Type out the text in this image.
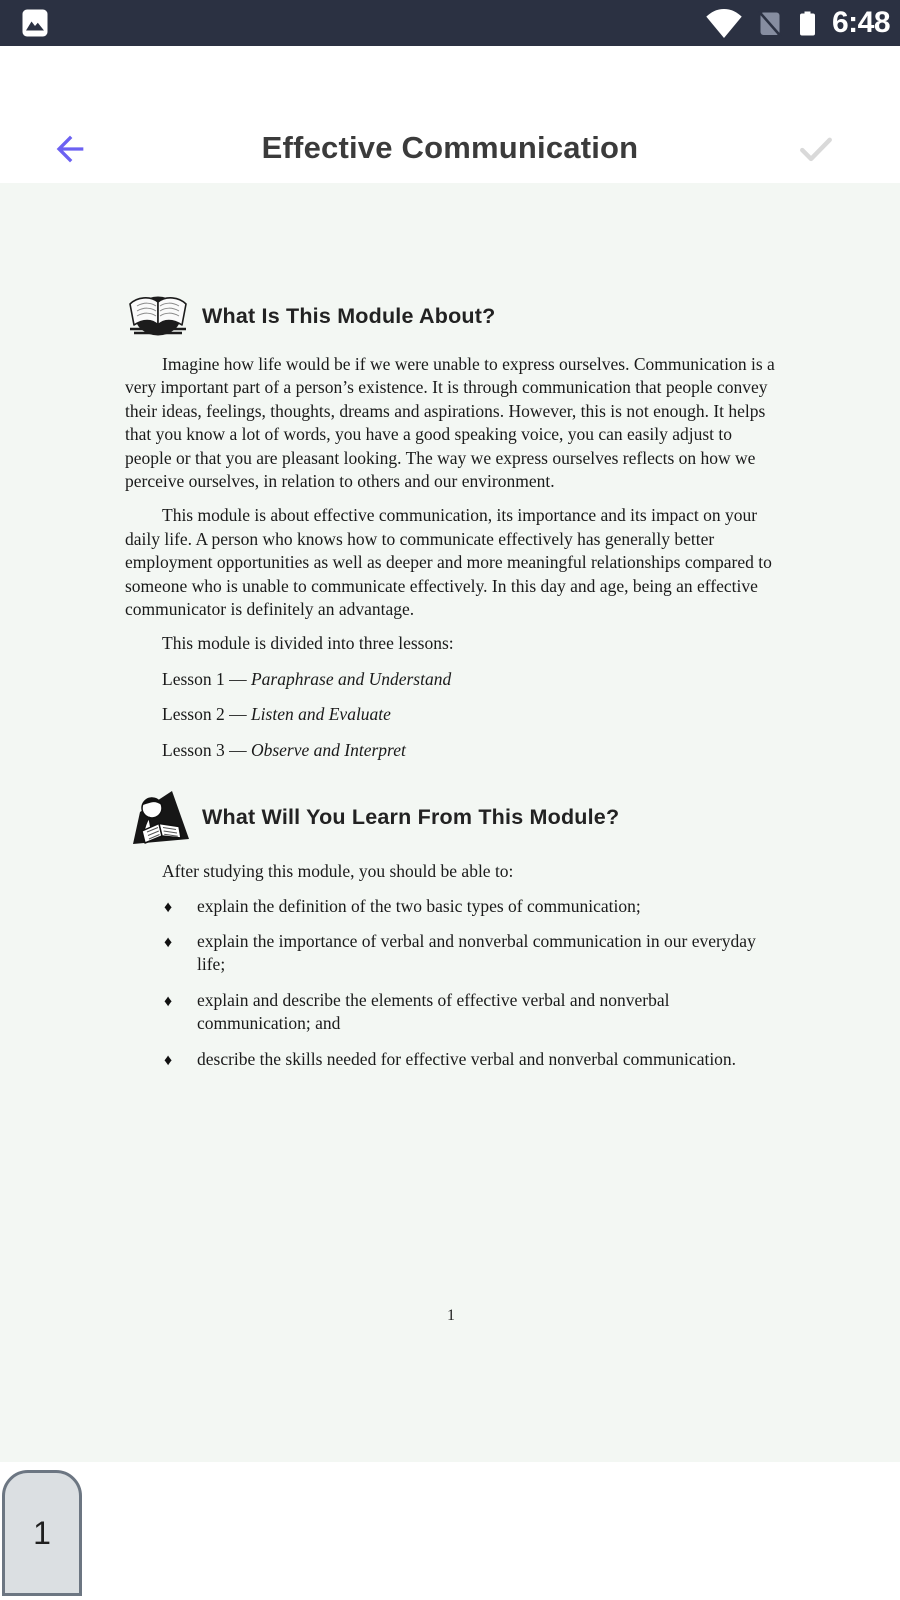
6:48
Effective Communication
What Is This Module About?

Imagine how life would be if we were unable to express ourselves. Communication is a very important part of a person’s existence. It is through communication that people convey their ideas, feelings, thoughts, dreams and aspirations. However, this is not enough. It helps that you know a lot of words, you have a good speaking voice, you can easily adjust to people or that you are pleasant looking. The way we express ourselves reflects on how we perceive ourselves, in relation to others and our environment.

This module is about effective communication, its importance and its impact on your daily life. A person who knows how to communicate effectively has generally better employment opportunities as well as deeper and more meaningful relationships compared to someone who is unable to communicate effectively. In this day and age, being an effective communicator is definitely an advantage.

This module is divided into three lessons:
Lesson 1 — Paraphrase and Understand
Lesson 2 — Listen and Evaluate
Lesson 3 — Observe and Interpret
What Will You Learn From This Module?
After studying this module, you should be able to:
♦ explain the definition of the two basic types of communication;
♦ explain the importance of verbal and nonverbal communication in our everyday life;
♦ explain and describe the elements of effective verbal and nonverbal communication; and
♦ describe the skills needed for effective verbal and nonverbal communication.
1
1
